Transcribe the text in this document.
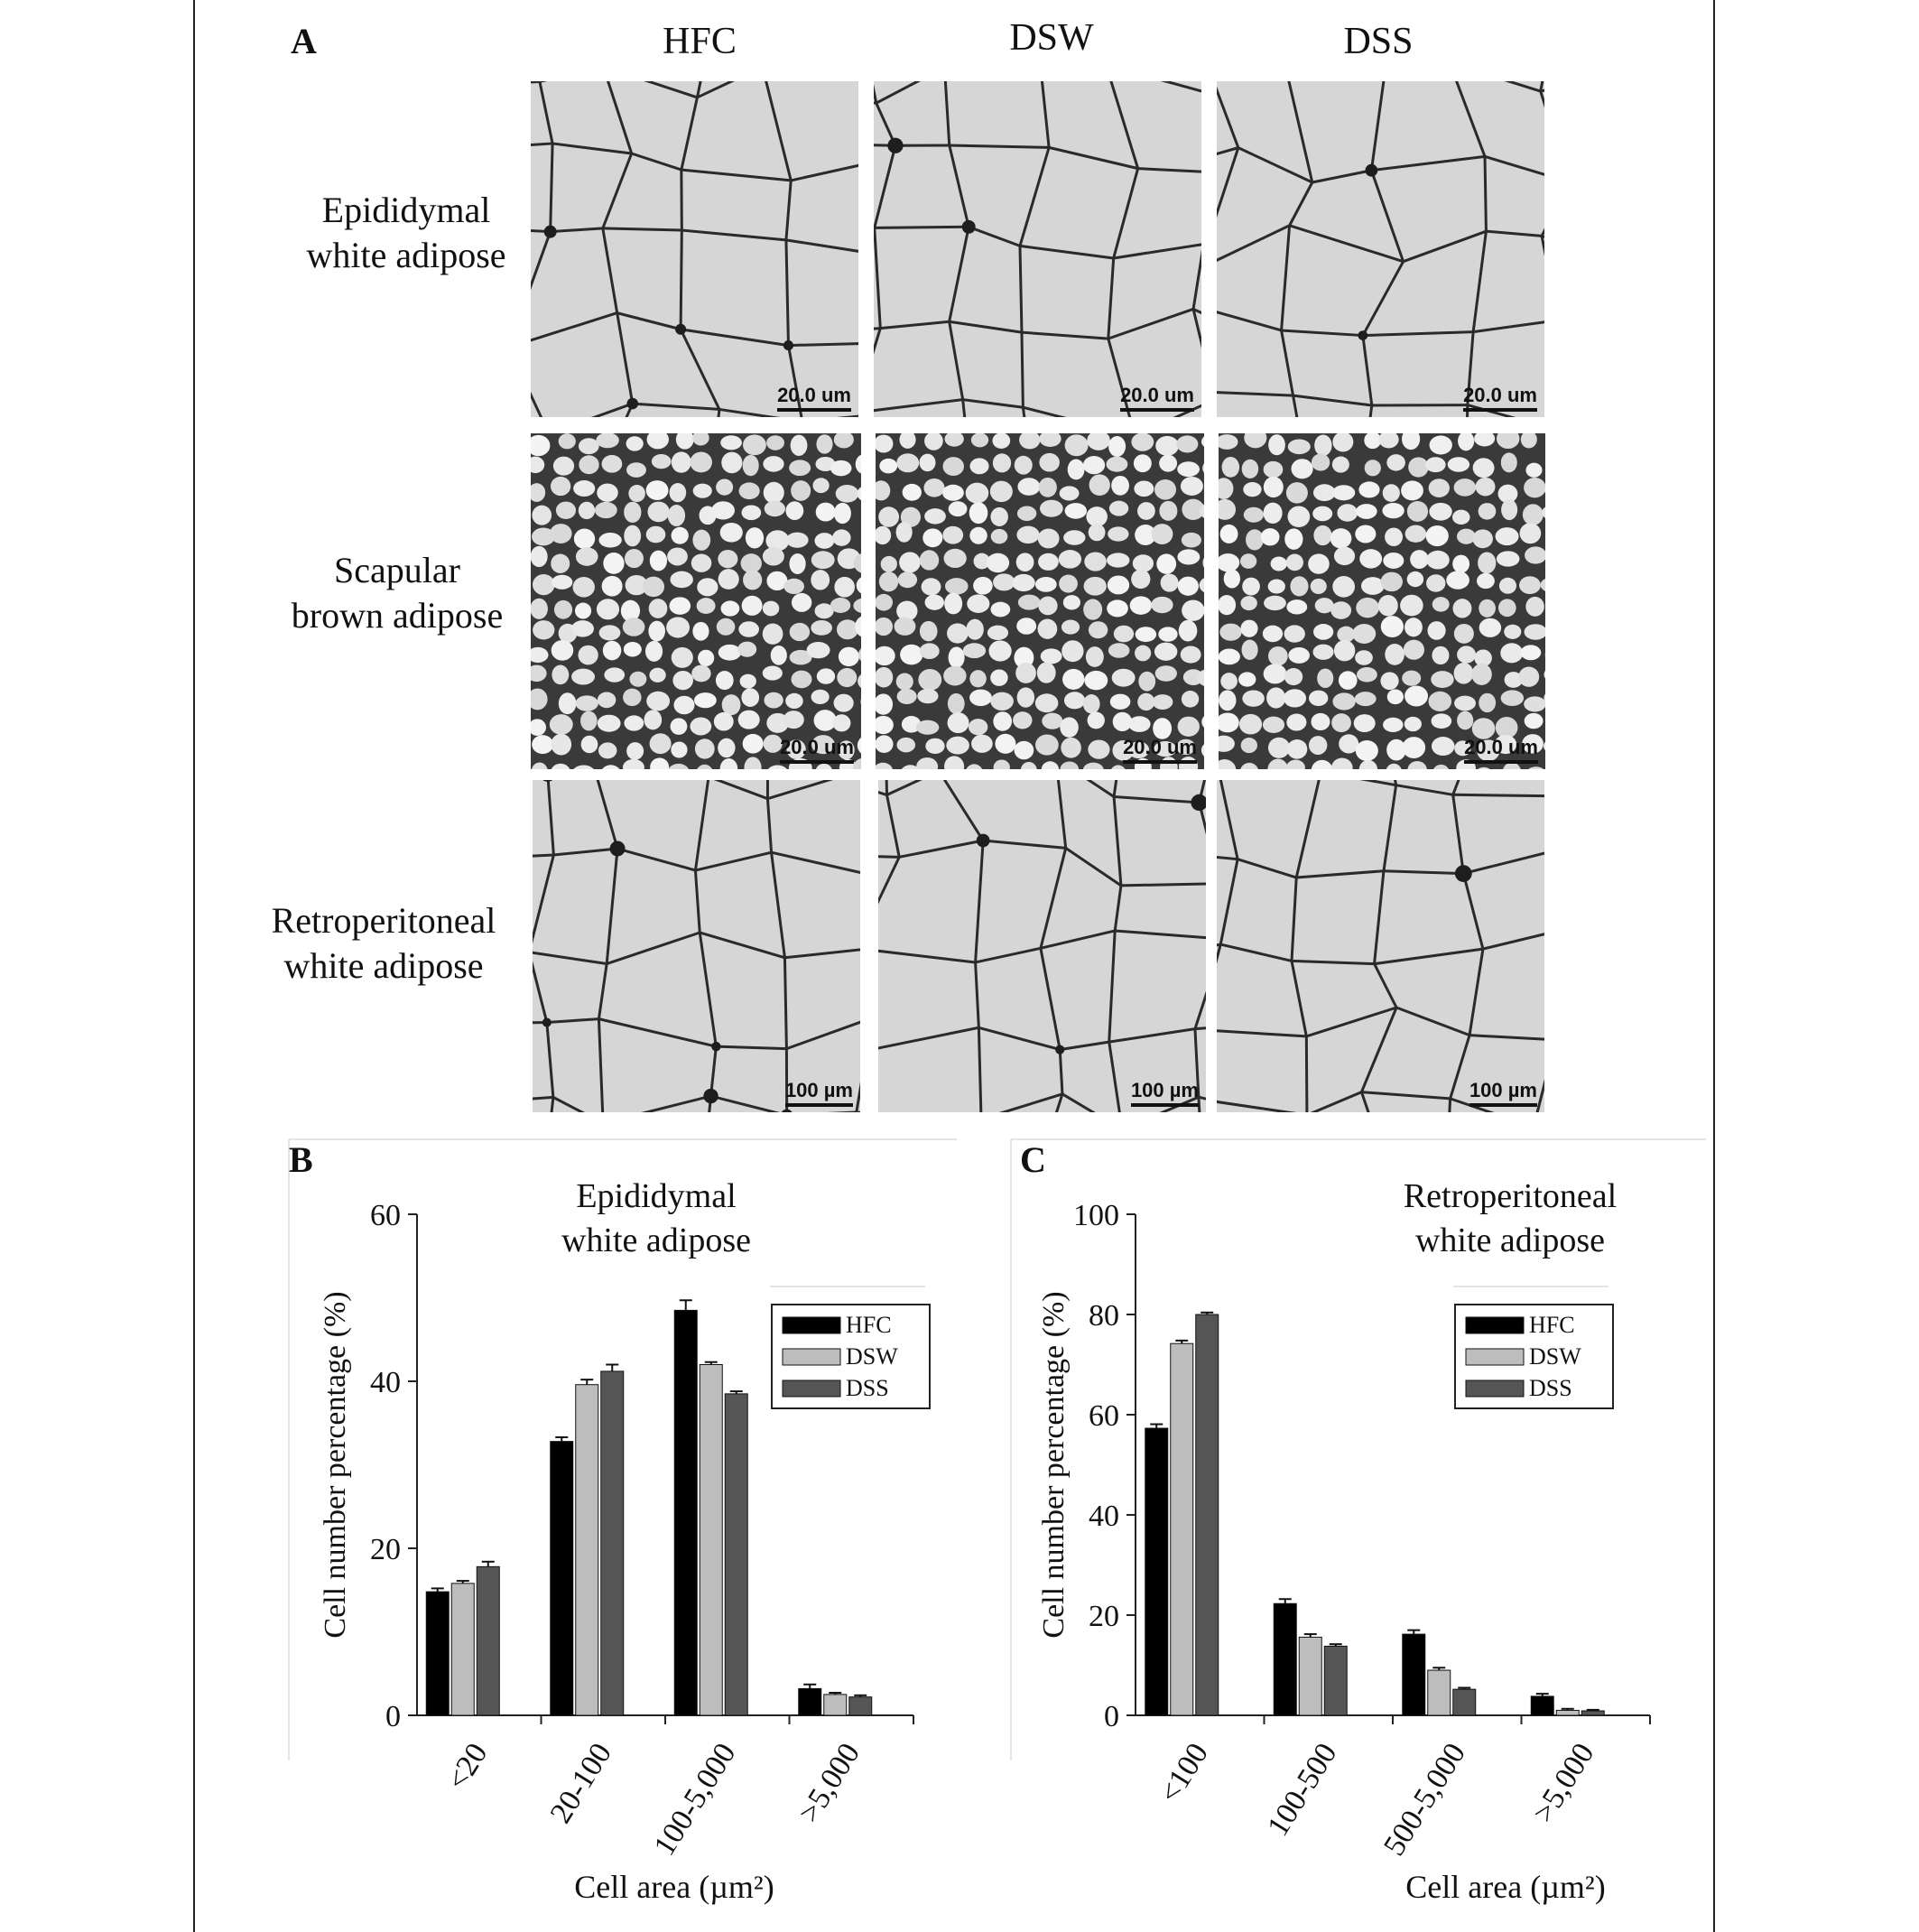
A	HFC	DSW	DSS
Epididymal
white adipose
Scapular
brown adipose
Retroperitoneal
white adipose
20.0 um	20.0 um	20.0 um
20.0 um	20.0 um	20.0 um
100 µm	100 µm	100 µm
B
Epididymal
white adipose
0
20
40
60
Cell number percentage (%)
<20 20-100 100-5,000 >5,000
Cell area (µm²)
HFC
DSW
DSS
C
Retroperitoneal
white adipose
0
20
40
60
80
100
Cell number percentage (%)
<100 100-500 500-5,000 >5,000
Cell area (µm²)
HFC
DSW
DSS
